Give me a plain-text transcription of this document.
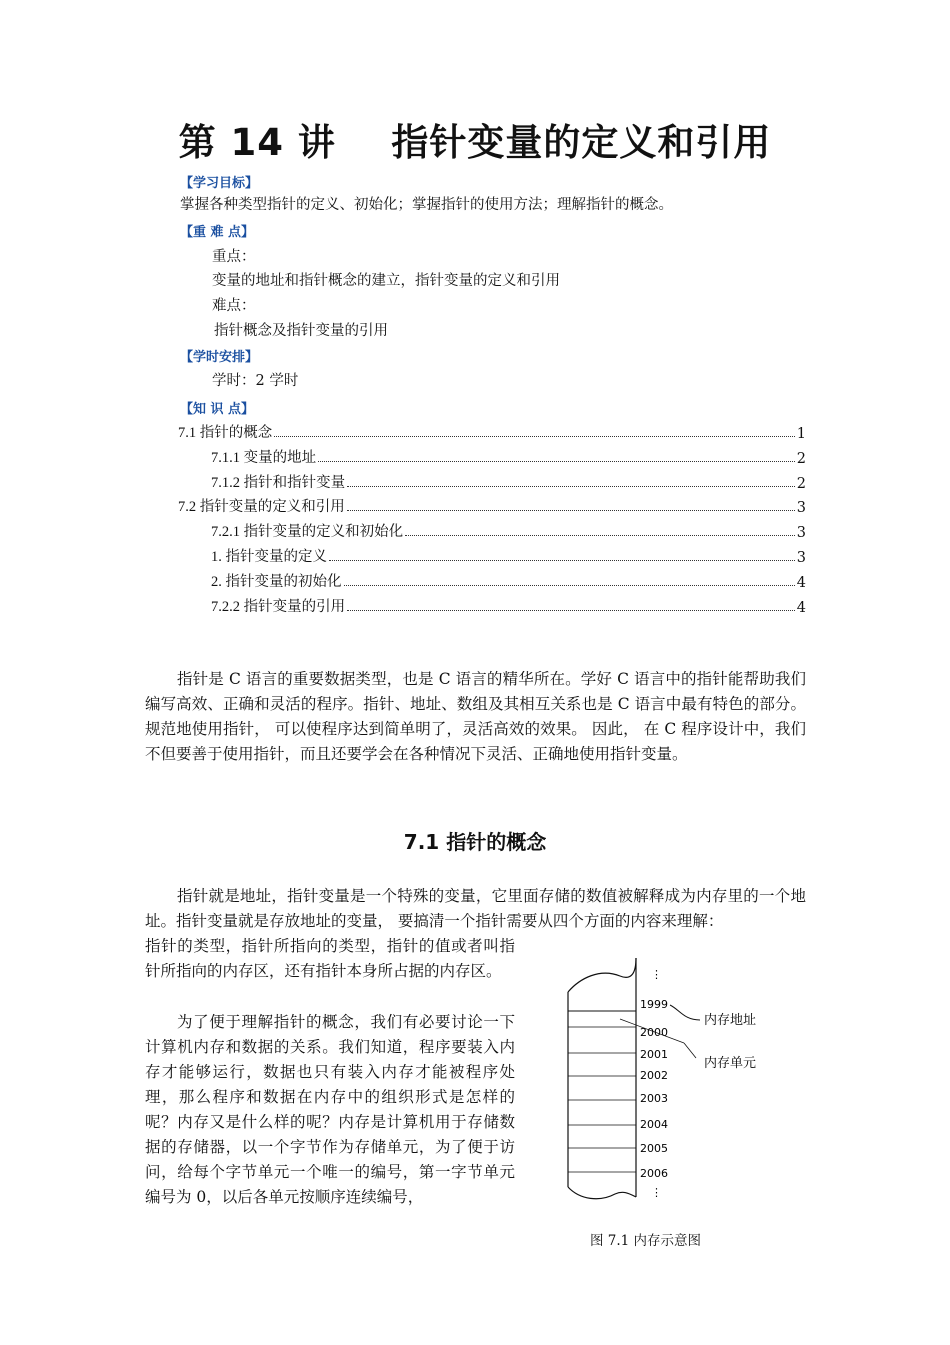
第 14 讲    指针变量的定义和引用
【学习目标】
掌握各种类型指针的定义、初始化；掌握指针的使用方法；理解指针的概念。
【重 难 点】
重点：
变量的地址和指针概念的建立，指针变量的定义和引用
难点：
指针概念及指针变量的引用
【学时安排】
学时：2 学时
【知 识 点】
7.1 指针的概念	1
7.1.1 变量的地址	2
7.1.2 指针和指针变量	2
7.2 指针变量的定义和引用	3
7.2.1 指针变量的定义和初始化	3
1. 指针变量的定义	3
2. 指针变量的初始化	4
7.2.2 指针变量的引用	4

指针是 C 语言的重要数据类型，也是 C 语言的精华所在。学好 C 语言中的指针能帮助我们编写高效、正确和灵活的程序。指针、地址、数组及其相互关系也是 C 语言中最有特色的部分。规范地使用指针， 可以使程序达到简单明了，灵活高效的效果。 因此， 在 C 程序设计中，我们不但要善于使用指针，而且还要学会在各种情况下灵活、正确地使用指针变量。

7.1 指针的概念

指针就是地址，指针变量是一个特殊的变量，它里面存储的数值被解释成为内存里的一个地址。指针变量就是存放地址的变量， 要搞清一个指针需要从四个方面的内容来理解：

指针的类型，指针所指向的类型，指针的值或者叫指针所指向的内存区，还有指针本身所占据的内存区。

为了便于理解指针的概念，我们有必要讨论一下计算机内存和数据的关系。我们知道，程序要装入内存才能够运行，数据也只有装入内存才能被程序处理，那么程序和数据在内存中的组织形式是怎样的呢？内存又是什么样的呢？内存是计算机用于存储数据的存储器，以一个字节作为存储单元，为了便于访问，给每个字节单元一个唯一的编号，第一字节单元编号为 0，以后各单元按顺序连续编号，

⋮
⋮
1999
2000
2001
2002
2003
2004
2005
2006
内存地址
内存单元
图 7.1 内存示意图
